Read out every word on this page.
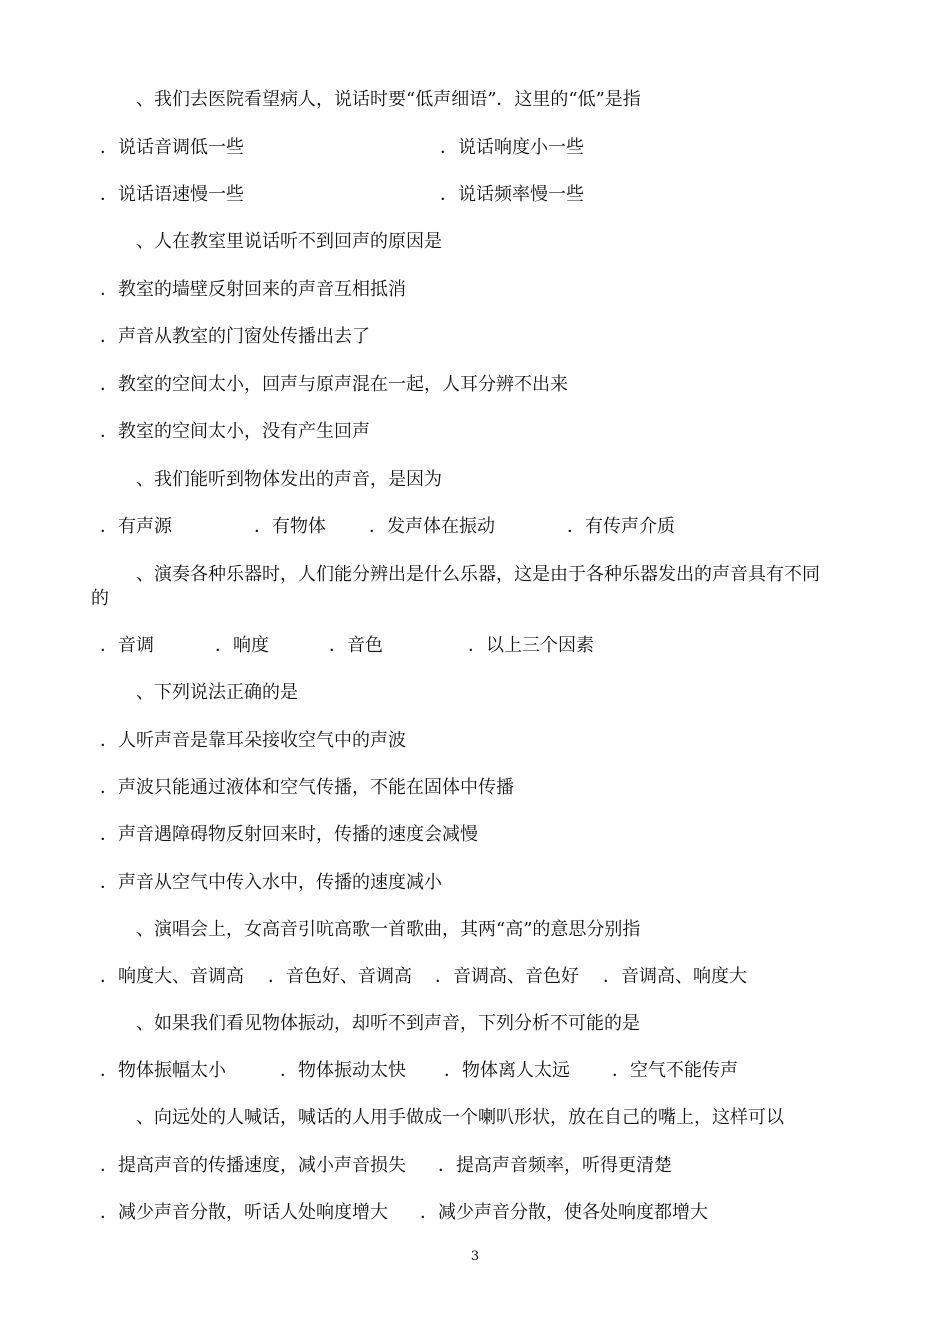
、我们去医院看望病人，说话时要“低声细语”．这里的“低”是指
．说话音调低一些	．说话响度小一些
．说话语速慢一些	．说话频率慢一些
、人在教室里说话听不到回声的原因是
．教室的墙壁反射回来的声音互相抵消
．声音从教室的门窗处传播出去了
．教室的空间太小，回声与原声混在一起，人耳分辨不出来
．教室的空间太小，没有产生回声
、我们能听到物体发出的声音，是因为
．有声源	．有物体 ．发声体在振动	．有传声介质
、演奏各种乐器时，人们能分辨出是什么乐器，这是由于各种乐器发出的声音具有不同
的
．音调	．响度	．音色	．以上三个因素
、下列说法正确的是
．人听声音是靠耳朵接收空气中的声波
．声波只能通过液体和空气传播，不能在固体中传播
．声音遇障碍物反射回来时，传播的速度会减慢
．声音从空气中传入水中，传播的速度减小
、演唱会上，女高音引吭高歌一首歌曲，其两“高”的意思分别指
．响度大、音调高 ．音色好、音调高 ．音调高、音色好 ．音调高、响度大
、如果我们看见物体振动，却听不到声音，下列分析不可能的是
．物体振幅太小	．物体振动太快 ．物体离人太远 ．空气不能传声
、向远处的人喊话，喊话的人用手做成一个喇叭形状，放在自己的嘴上，这样可以
．提高声音的传播速度，减小声音损失 ．提高声音频率，听得更清楚
．减少声音分散，听话人处响度增大 ．减少声音分散，使各处响度都增大
3
